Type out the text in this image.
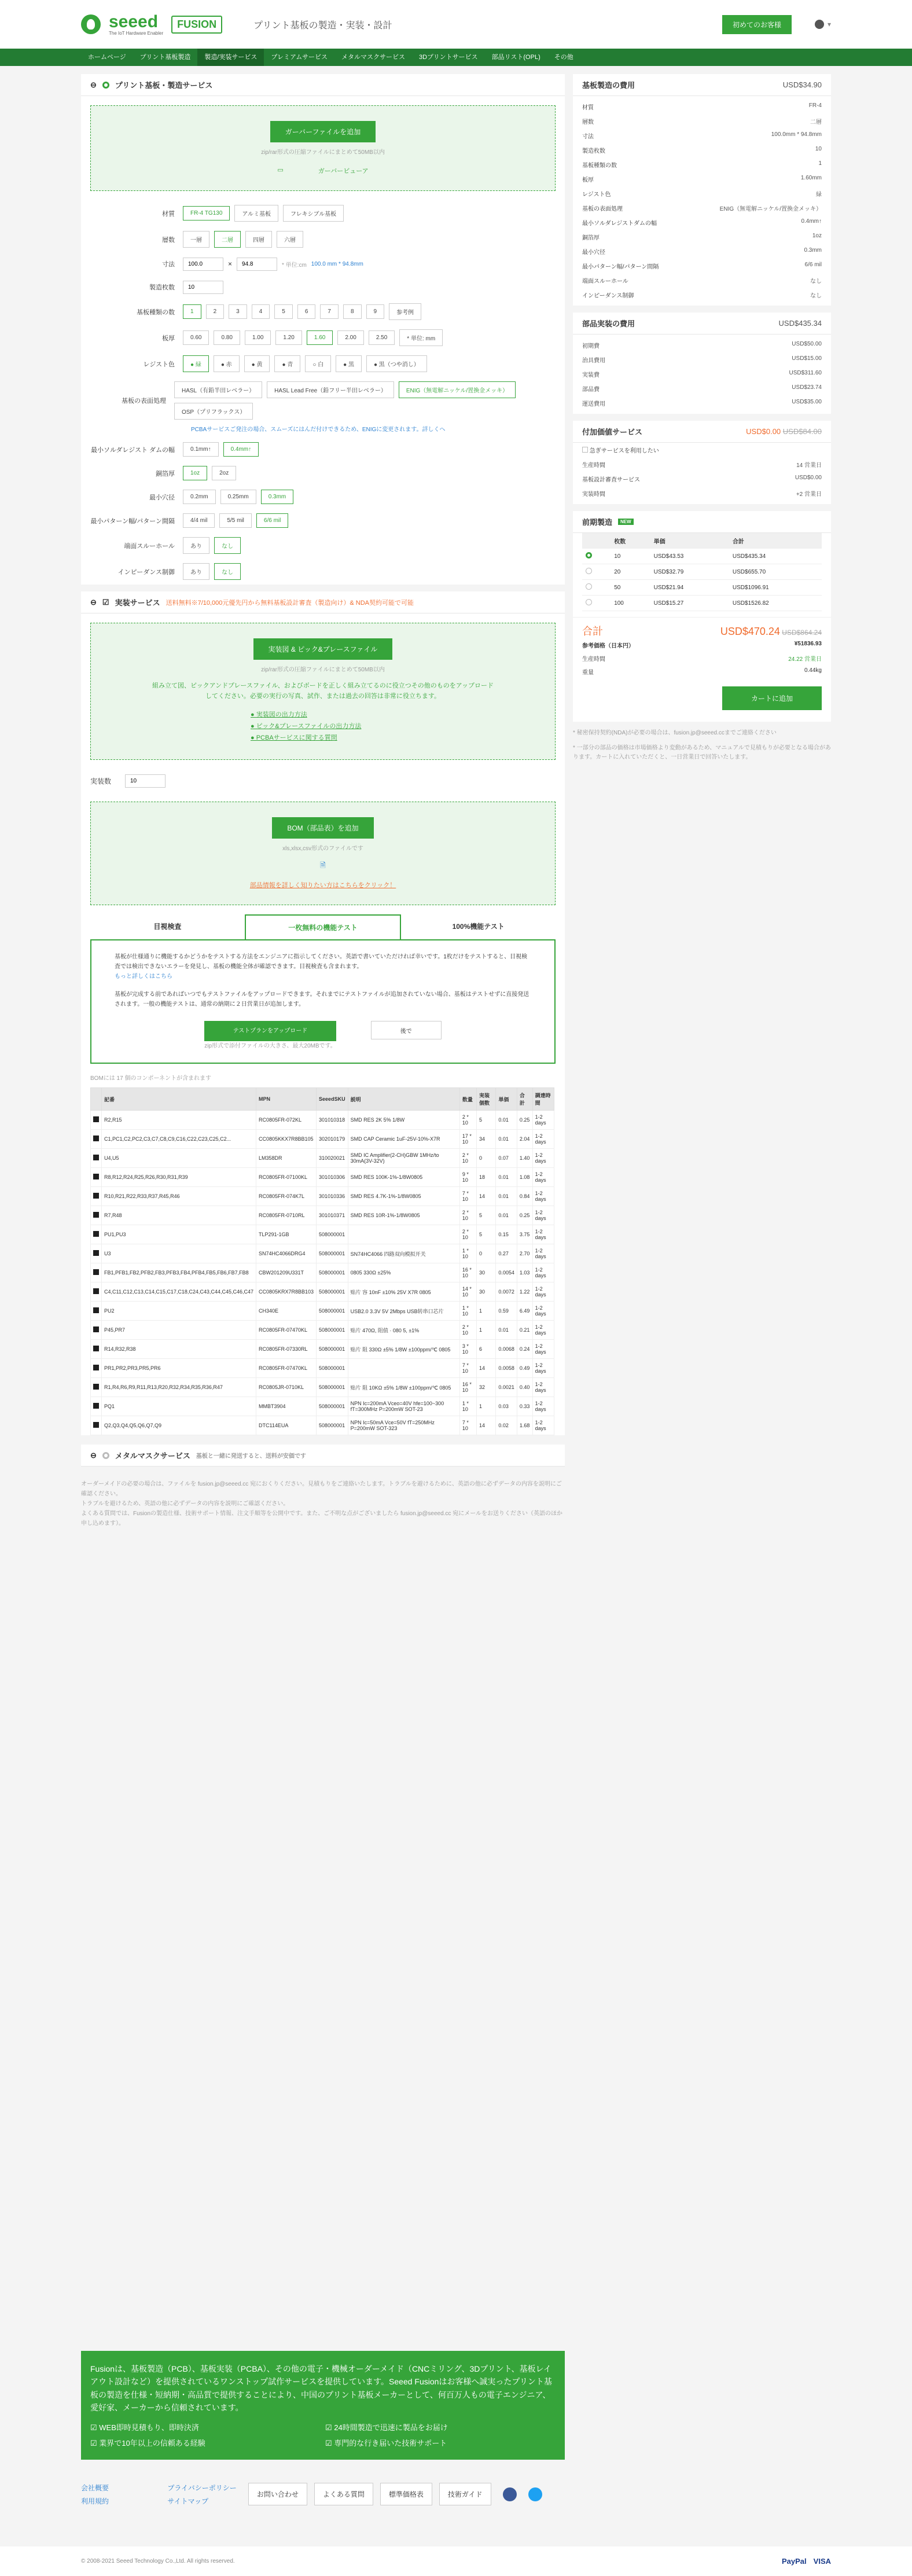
seeed
The IoT Hardware Enabler
FUSION	プリント基板の製造・実装・設計	初めてのお客様	▾
ホームページ	プリント基板製造	製造/実装サービス	プレミアムサービス	メタルマスクサービス	3Dプリントサービス	部品リスト(OPL)	その他
⊖ プリント基板・製造サービス
ガーバーファイルを追加
zip/rar形式の圧縮ファイルにまとめて50MB以内
▭	ガーバービューア
材質	FR-4 TG130	アルミ基板	フレキシブル基板
層数	一層	二層	四層	六層
寸法
100.0	×
94.8	* 単位:cm 100.0 mm * 94.8mm
製造枚数
10
基板種類の数	1	2	3	4	5	6	7	8	9	参考例
板厚	0.60	0.80	1.00	1.20	1.60	2.00	2.50	* 単位: mm
レジスト色	● 緑	● 赤	● 黄	● 青	○ 白	● 黒	● 黒（つや消し）
基板の表面処理
HASL（有鉛半田レベラー）	HASL Lead Free（鉛フリー半田レベラー）	ENIG（無電解ニッケル/置換金メッキ）
OSP（プリフラックス）
PCBAサービスご発注の場合、スムーズにはんだ付けできるため、ENIGに変更されます。詳しくへ
最小ソルダレジスト ダムの幅	0.1mm↑	0.4mm↑
銅箔厚	1oz	2oz
最小穴径	0.2mm	0.25mm	0.3mm
最小パターン幅/パターン間隔	4/4 mil	5/5 mil	6/6 mil
端面スルーホール	あり	なし
インピーダンス制御	あり	なし
⊖ ☑ 実装サービス 送料無料※7/10,000元優先円から無料基板設計審査（製造向け）& NDA契約可能で可能
実装図 & ピック&プレースファイル
zip/rar形式の圧縮ファイルにまとめて50MB以内
組み立て図、ピックアンドプレースファイル、およびボードを正しく組み立てるのに役立つその他のものをアップロードしてください。必要の実行の写真、試作、または過去の回答は非常に役立ちます。
● 実装図の出力方法
● ピック&プレースファイルの出力方法
● PCBAサービスに関する質問
実装数
10
BOM（部品表）を追加
xls,xlsx,csv形式のファイルです
🗎
部品情報を詳しく知りたい方はこちらをクリック！
目視検査	一枚無料の機能テスト	100%機能テスト

基板が仕様通りに機能するかどうかをテストする方法をエンジニアに指示してください。英語で書いていただければ幸いです。1枚だけをテストすると、目視検査では検出できないエラーを発見し、基板の機能全体が確認できます。目視検査も含まれます。

もっと詳しくはこちら

基板が完成する前であればいつでもテストファイルをアップロードできます。それまでにテストファイルが追加されていない場合、基板はテストせずに直接発送されます。一般の機能テストは、通常の納期に２日営業日が追加します。

テストプランをアップロード
zip形式で添付ファイルの大きさ、最大20MBです。
後で
BOMには 17 個のコンポーネントが含まれます
	記番	MPN	SeeedSKU	説明	数量	実装個数	単価	合計	調達時間
	R2,R15	RC0805FR-072KL	301010318	SMD RES 2K 5% 1/8W	2 * 10	5	0.01	0.25	1-2 days
	C1,PC1,C2,PC2,C3,C7,C8,C9,C16,C22,C23,C25,C2...	CC0805KKX7R8BB105	302010179	SMD CAP Ceramic 1uF-25V-10%-X7R	17 * 10	34	0.01	2.04	1-2 days
	U4,U5	LM358DR	310020021	SMD IC Amplifier(2-CH)GBW 1MHz/to 30mA(3V-32V)	2 * 10	0	0.07	1.40	1-2 days
	R8,R12,R24,R25,R26,R30,R31,R39	RC0805FR-07100KL	301010306	SMD RES 100K-1%-1/8W0805	9 * 10	18	0.01	1.08	1-2 days
	R10,R21,R22,R33,R37,R45,R46	RC0805FR-074K7L	301010336	SMD RES 4.7K-1%-1/8W0805	7 * 10	14	0.01	0.84	1-2 days
	R7,R48	RC0805FR-0710RL	301010371	SMD RES 10R-1%-1/8W0805	2 * 10	5	0.01	0.25	1-2 days
	PU1,PU3	TLP291-1GB	508000001		2 * 10	5	0.15	3.75	1-2 days
	U3	SN74HC4066DRG4	508000001	SN74HC4066 四路双向模拟开关	1 * 10	0	0.27	2.70	1-2 days
	FB1,PFB1,FB2,PFB2,FB3,PFB3,FB4,PFB4,FB5,FB6,FB7,FB8	CBW201209U331T	508000001	0805 330Ω ±25%	16 * 10	30	0.0054	1.03	1-2 days
	C4,C11,C12,C13,C14,C15,C17,C18,C24,C43,C44,C45,C46,C47	CC0805KRX7R8BB103	508000001	贴片 容 10nF ±10% 25V X7R 0805	14 * 10	30	0.0072	1.22	1-2 days
	PU2	CH340E	508000001	USB2.0 3.3V 5V 2Mbps USB转串口芯片	1 * 10	1	0.59	6.49	1-2 days
	P45,PR7	RC0805FR-07470KL	508000001	贴片 470Ω, 阻值 · 080 5, ±1%	2 * 10	1	0.01	0.21	1-2 days
	R14,R32,R38	RC0805FR-07330RL	508000001	贴片 阻 330Ω ±5% 1/8W ±100ppm/℃ 0805	3 * 10	6	0.0068	0.24	1-2 days
	PR1,PR2,PR3,PR5,PR6	RC0805FR-07470KL	508000001		7 * 10	14	0.0058	0.49	1-2 days
	R1,R4,R6,R9,R11,R13,R20,R32,R34,R35,R36,R47	RC0805JR-0710KL	508000001	贴片 阻 10KΩ ±5% 1/8W ±100ppm/℃ 0805	16 * 10	32	0.0021	0.40	1-2 days
	PQ1	MMBT3904	508000001	NPN Ic=200mA Vceo=40V hfe=100~300 fT=300MHz P=200mW SOT-23	1 * 10	1	0.03	0.33	1-2 days
	Q2,Q3,Q4,Q5,Q6,Q7,Q9	DTC114EUA	508000001	NPN Ic=50mA Vce=50V fT=250MHz P=200mW SOT-323	7 * 10	14	0.02	1.68	1-2 days
⊖ メタルマスクサービス 基板と一緒に発送すると、送料が安価です

オーダーメイドの必要の場合は、ファイルを fusion.jp@seeed.cc 宛におくりください。見積もりをご連絡いたします。トラブルを避けるために、英語の他に必ずデータの内容を説明にご確認ください。

トラブルを避けるため、英語の他に必ずデータの内容を説明にご確認ください。

よくある質問では、Fusionの製造仕様、技術サポート情報、注文手順等を公開中です。また、ご不明な点がございましたら fusion.jp@seeed.cc 宛にメールをお送りください（英語のほか申し込めます）。

基板製造の費用	USD$34.90
材質	FR-4
層数	二層
寸法	100.0mm * 94.8mm
製造枚数	10
基板種類の数	1
板厚	1.60mm
レジスト色	緑
基板の表面処理	ENIG（無電解ニッケル/置換金メッキ）
最小ソルダレジストダムの幅	0.4mm↑
銅箔厚	1oz
最小穴径	0.3mm
最小パターン幅/パターン間隔	6/6 mil
端面スルーホール	なし
インピーダンス制御	なし
部品実装の費用	USD$435.34
初期費	USD$50.00
治具費用	USD$15.00
実装費	USD$311.60
部品費	USD$23.74
運送費用	USD$35.00
付加価値サービス	USD$0.00 USD$84.00
急ぎサービスを利用したい
生産時間	14 営業日
基板設計審査サービス	USD$0.00
実装時間	+2 営業日
前期製造	NEW
	枚数	単価	合計
	10	USD$43.53	USD$435.34
	20	USD$32.79	USD$655.70
	50	USD$21.94	USD$1096.91
	100	USD$15.27	USD$1526.82
合計	USD$470.24 USD$864.24
参考価格（日本円）	¥51836.93
生産時間	24.22 営業日
重量	0.44kg
カートに追加

* 秘密保持契約(NDA)が必要の場合は、fusion.jp@seeed.ccまでご連絡ください

* 一部分の部品の価格は市場価格より変動があるため、マニュアルで見積もりが必要となる場合があります。カートに入れていただくと、一日営業日で回答いたします。

Fusionは、基板製造（PCB）、基板実装（PCBA）、その他の電子・機械オーダーメイド（CNCミリング、3Dプリント、基板レイアウト設計など）を提供されているワンストップ試作サービスを提供しています。Seeed Fusionはお客様へ誠実ったプリント基板の製造を仕様・短納期・高品質で提供することにより、中国のプリント基板メーカーとして、何百万人もの電子エンジニア、愛好家、メーカーから信頼されています。

☑ WEB即時見積もり、即時決済	☑ 24時間製造で迅速に製品をお届け
☑ 業界で10年以上の信頼ある経験	☑ 専門的な行き届いた技術サポート
会社概要	プライバシーポリシー
利用規約	サイトマップ
お問い合わせ	よくある質問	標準価格表	技術ガイド
© 2008-2021 Seeed Technology Co.,Ltd. All rights reserved.	PayPal VISA
